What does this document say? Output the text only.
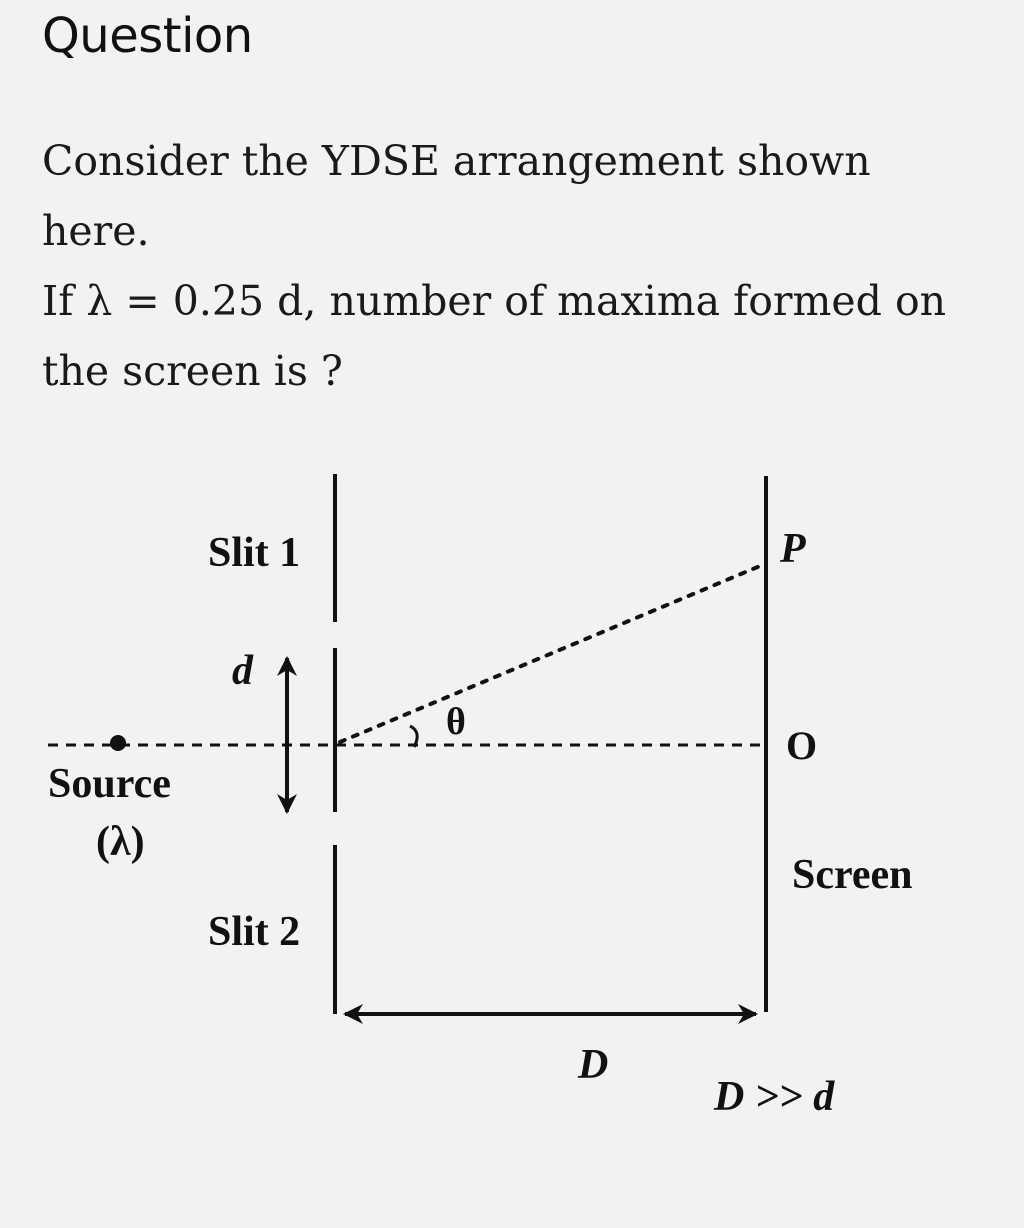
Question

Consider the YDSE arrangement shown here.

If λ = 0.25 d, number of maxima formed on the screen is ?

Slit 1
Slit 2
d
θ
Source
(λ)
P
O
Screen
D
D >> d
